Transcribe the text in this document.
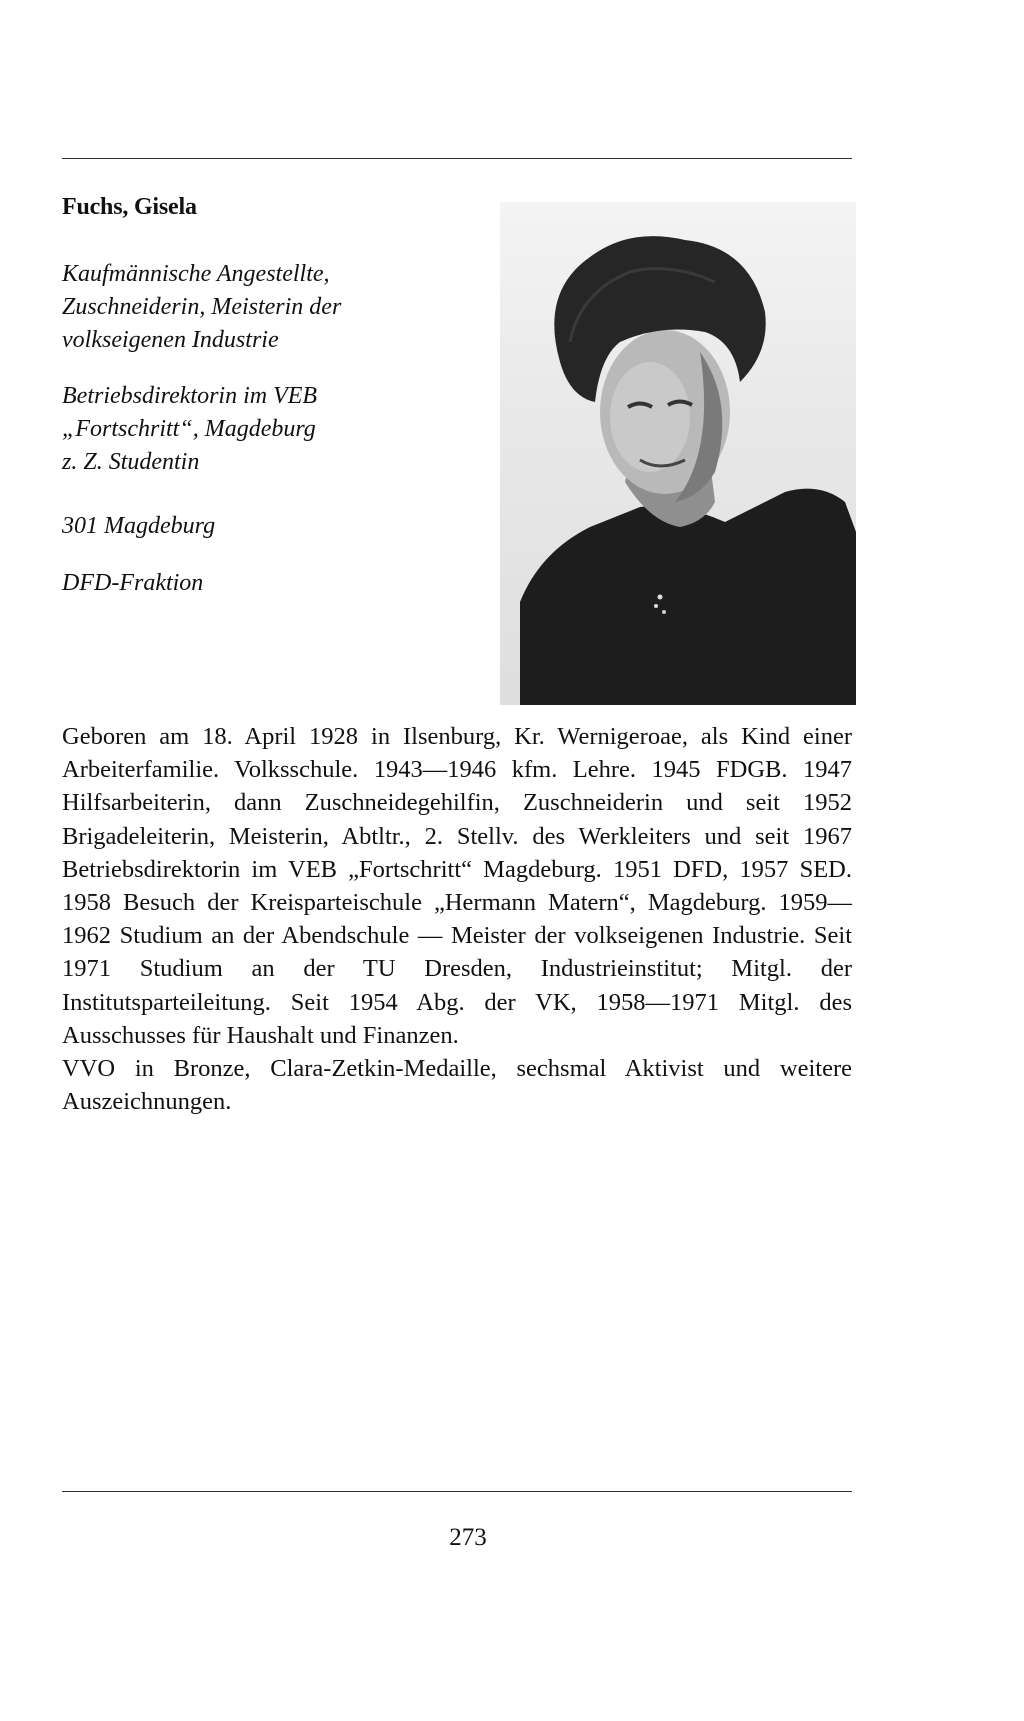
Fuchs, Gisela
Kaufmännische Angestellte,
Zuschneiderin, Meisterin der
volkseigenen Industrie
Betriebsdirektorin im VEB
„Fortschritt“, Magdeburg
z. Z. Studentin
301 Magdeburg
DFD-Fraktion

Geboren am 18. April 1928 in Ilsenburg, Kr. Wernigeroae, als Kind einer Arbeiterfamilie. Volksschule. 1943—1946 kfm. Lehre. 1945 FDGB. 1947 Hilfsarbeiterin, dann Zuschneidegehilfin, Zuschneiderin und seit 1952 Brigadeleiterin, Meisterin, Abtltr., 2. Stellv. des Werkleiters und seit 1967 Betriebsdirektorin im VEB „Fortschritt“ Magdeburg. 1951 DFD, 1957 SED. 1958 Besuch der Kreisparteischule „Hermann Matern“, Magdeburg. 1959—1962 Studium an der Abendschule — Meister der volkseigenen Industrie. Seit 1971 Studium an der TU Dresden, Industrieinstitut; Mitgl. der Institutsparteileitung. Seit 1954 Abg. der VK, 1958—1971 Mitgl. des Ausschusses für Haushalt und Finanzen.

VVO in Bronze, Clara-Zetkin-Medaille, sechsmal Aktivist und weitere Auszeichnungen.

273
